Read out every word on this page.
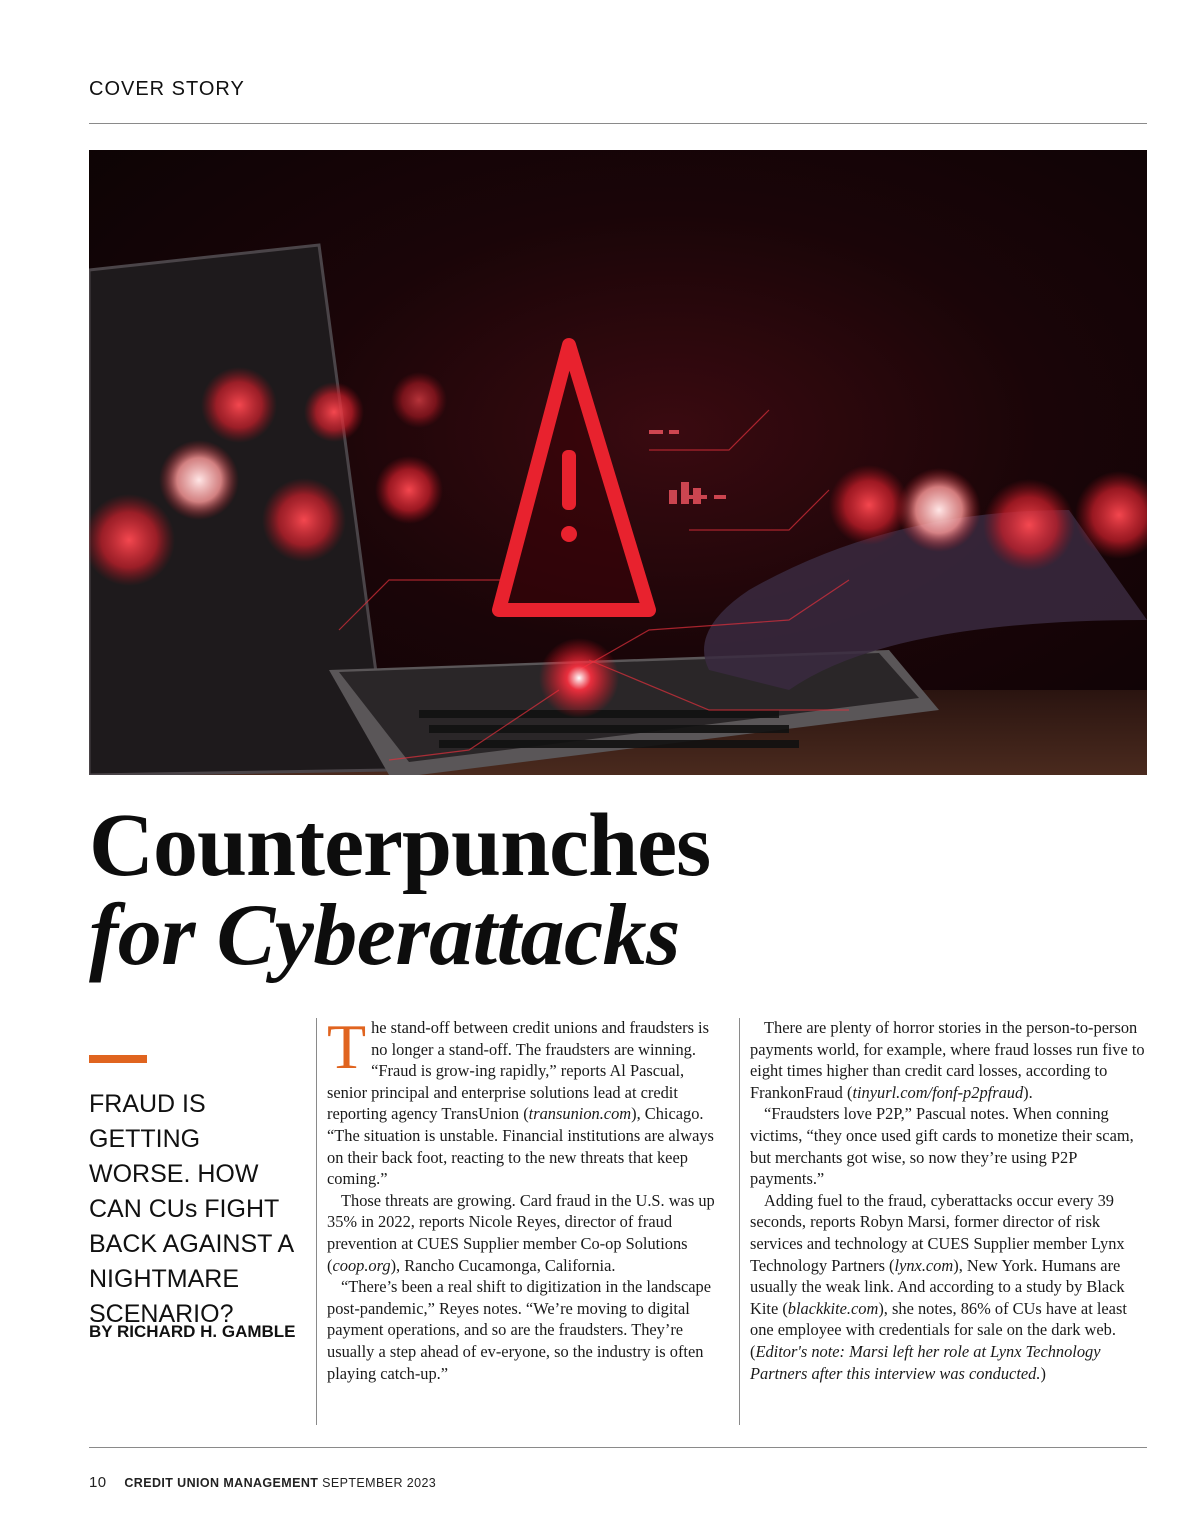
COVER STORY
Counterpunches
for Cyberattacks
FRAUD IS GETTING WORSE. HOW CAN CUs FIGHT BACK AGAINST A NIGHTMARE SCENARIO?
BY RICHARD H. GAMBLE

The stand-off between credit unions and fraudsters is no longer a stand-off. The fraudsters are winning. “Fraud is grow-ing rapidly,” reports Al Pascual, senior principal and enterprise solutions lead at credit reporting agency TransUnion (transunion.com), Chicago. “The situation is unstable. Financial institutions are always on their back foot, reacting to the new threats that keep coming.”

Those threats are growing. Card fraud in the U.S. was up 35% in 2022, reports Nicole Reyes, director of fraud prevention at CUES Supplier member Co-op Solutions (coop.org), Rancho Cucamonga, California.

“There’s been a real shift to digitization in the landscape post-pandemic,” Reyes notes. “We’re moving to digital payment operations, and so are the fraudsters. They’re usually a step ahead of ev-eryone, so the industry is often playing catch-up.”

There are plenty of horror stories in the person-to-person payments world, for example, where fraud losses run five to eight times higher than credit card losses, according to FrankonFraud (tinyurl.com/fonf-p2pfraud).

“Fraudsters love P2P,” Pascual notes. When conning victims, “they once used gift cards to monetize their scam, but merchants got wise, so now they’re using P2P payments.”

Adding fuel to the fraud, cyberattacks occur every 39 seconds, reports Robyn Marsi, former director of risk services and technology at CUES Supplier member Lynx Technology Partners (lynx.com), New York. Humans are usually the weak link. And according to a study by Black Kite (blackkite.com), she notes, 86% of CUs have at least one employee with credentials for sale on the dark web. (Editor's note: Marsi left her role at Lynx Technology Partners after this interview was conducted.)

10 CREDIT UNION MANAGEMENT SEPTEMBER 2023
